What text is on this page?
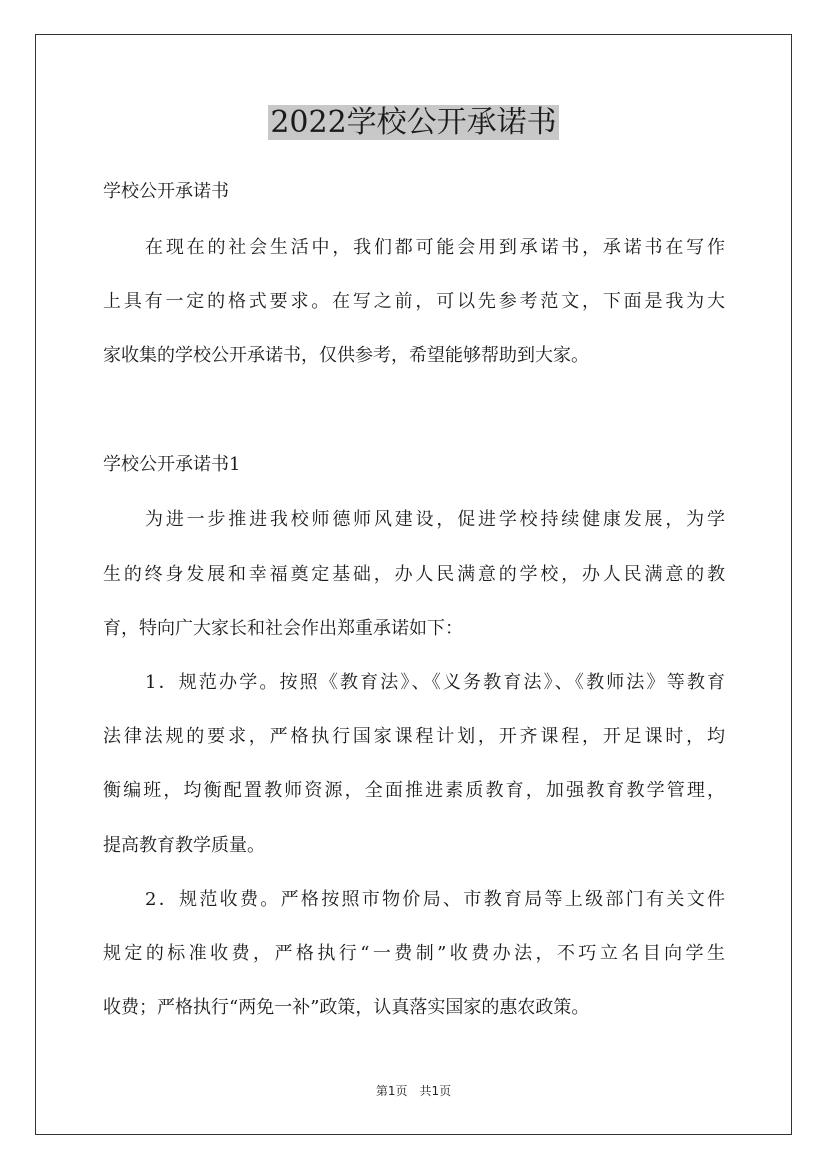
2022学校公开承诺书

学校公开承诺书

在现在的社会生活中，我们都可能会用到承诺书，承诺书在写作

上具有一定的格式要求。在写之前，可以先参考范文，下面是我为大

家收集的学校公开承诺书，仅供参考，希望能够帮助到大家。

学校公开承诺书1

为进一步推进我校师德师风建设，促进学校持续健康发展，为学

生的终身发展和幸福奠定基础，办人民满意的学校，办人民满意的教

育，特向广大家长和社会作出郑重承诺如下：

1．规范办学。按照《教育法》、《义务教育法》、《教师法》等教育

法律法规的要求，严格执行国家课程计划，开齐课程，开足课时，均

衡编班，均衡配置教师资源，全面推进素质教育，加强教育教学管理，

提高教育教学质量。

2．规范收费。严格按照市物价局、市教育局等上级部门有关文件

规定的标准收费，严格执行“一费制”收费办法，不巧立名目向学生

收费；严格执行“两免一补”政策，认真落实国家的惠农政策。

第1页　共1页
